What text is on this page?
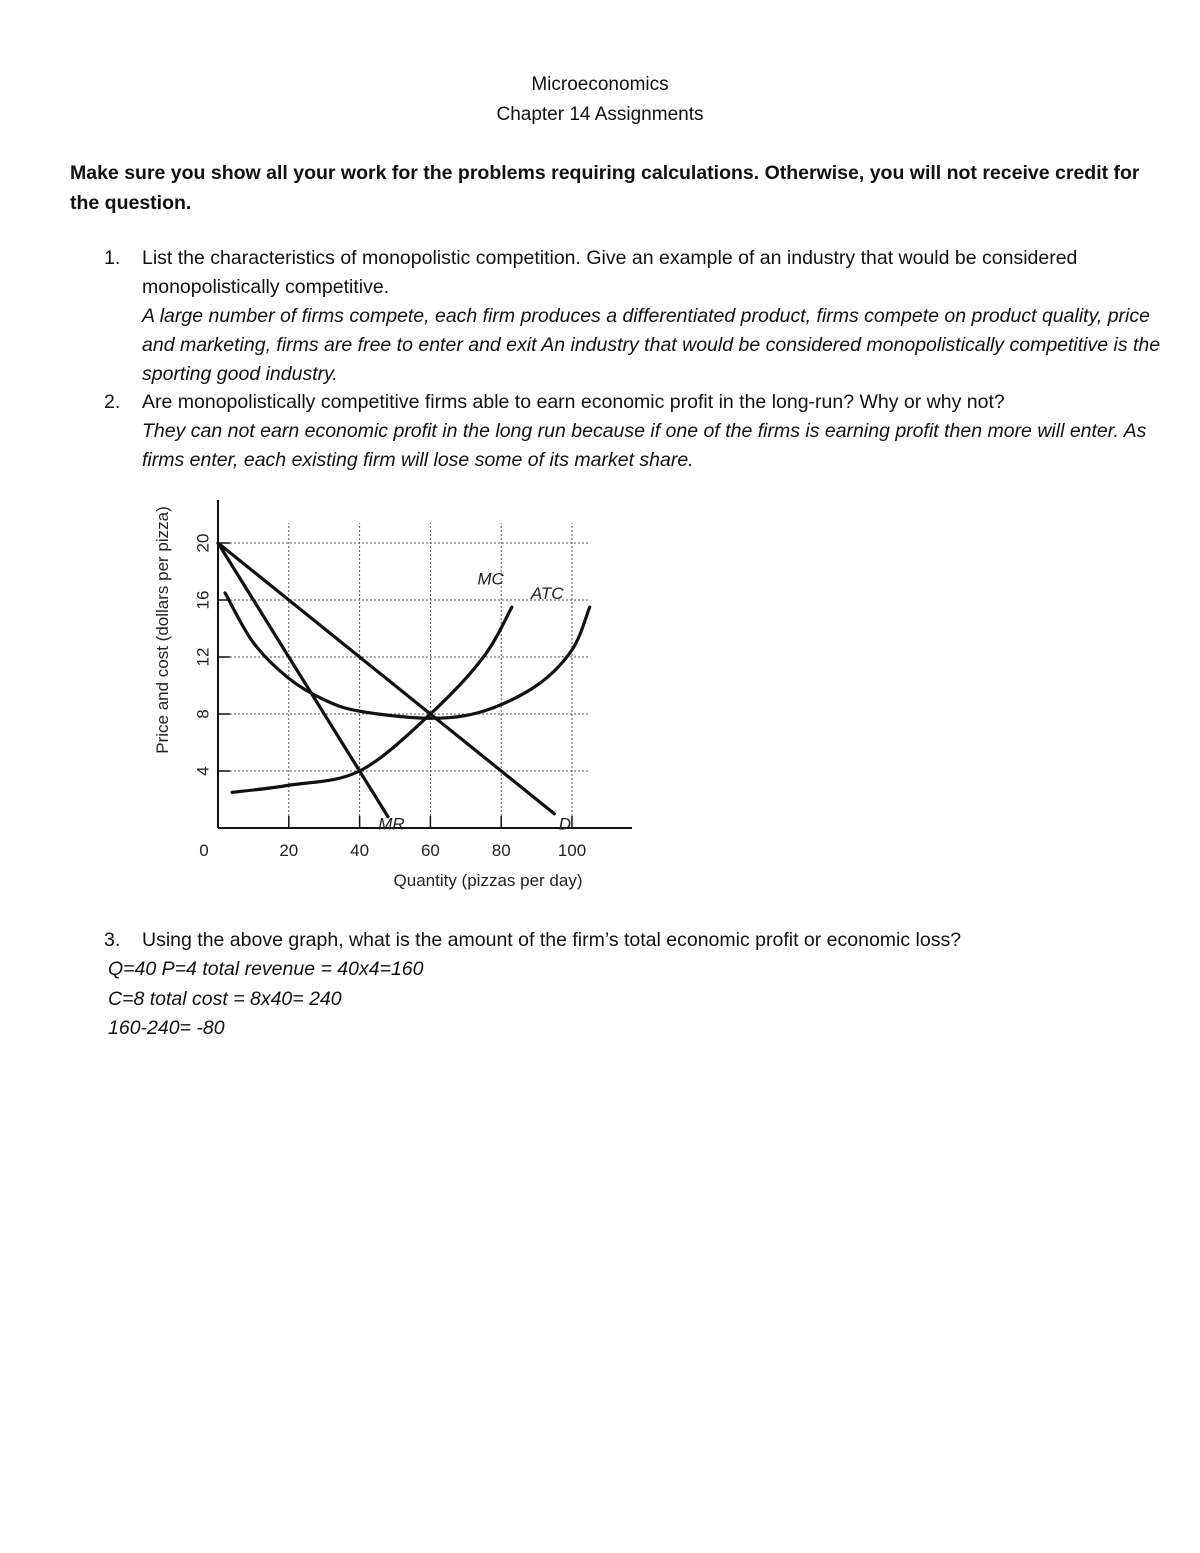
Microeconomics
Chapter 14 Assignments
Make sure you show all your work for the problems requiring calculations. Otherwise, you will not receive credit for the question.
1. List the characteristics of monopolistic competition. Give an example of an industry that would be considered monopolistically competitive.
A large number of firms compete, each firm produces a differentiated product, firms compete on product quality, price and marketing, firms are free to enter and exit An industry that would be considered monopolistically competitive is the sporting good industry.
2. Are monopolistically competitive firms able to earn economic profit in the long-run? Why or why not?
They can not earn economic profit in the long run because if one of the firms is earning profit then more will enter. As firms enter, each existing firm will lose some of its market share.
0	20	40	60	80	100
4
8
12
16
20
Quantity (pizzas per day)
Price and cost (dollars per pizza)
D
MR
MC
ATC
3. Using the above graph, what is the amount of the firm’s total economic profit or economic loss?
Q=40 P=4 total revenue = 40x4=160
C=8 total cost = 8x40= 240
160-240= -80
